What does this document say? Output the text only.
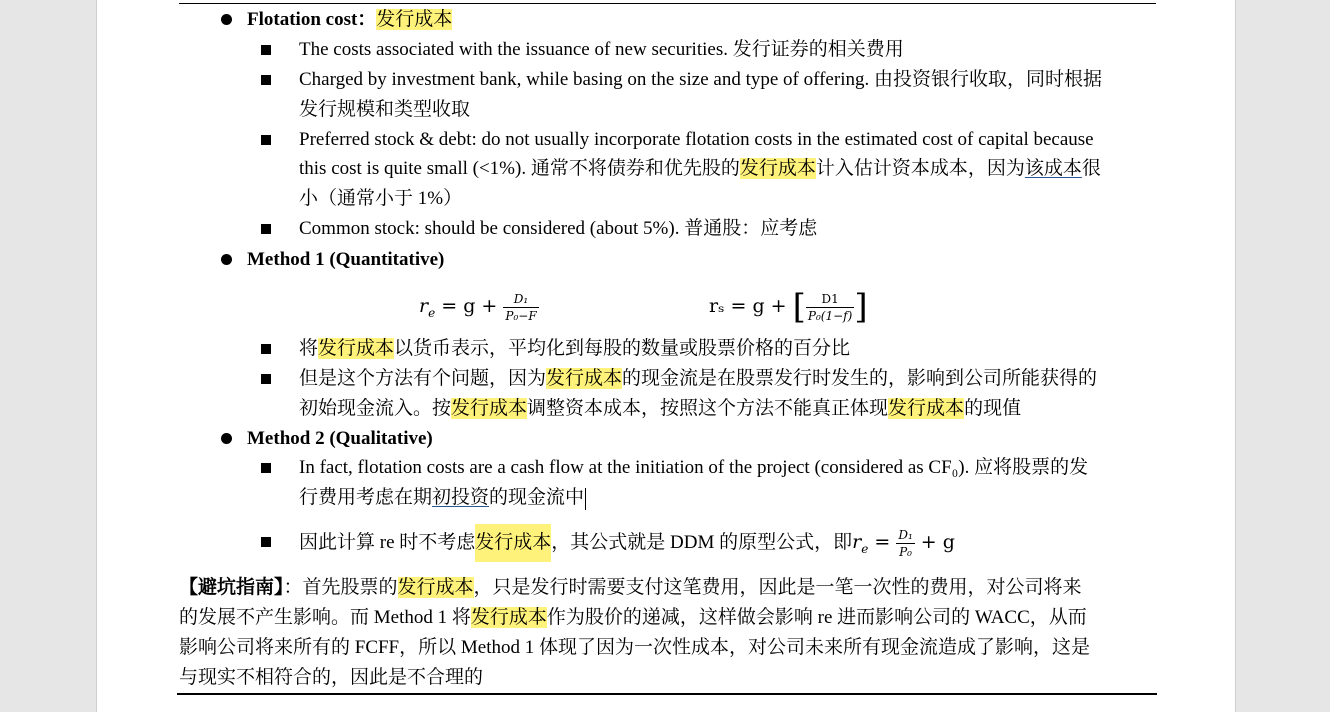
Flotation cost：发行成本
The costs associated with the issuance of new securities. 发行证券的相关费用
Charged by investment bank, while basing on the size and type of offering. 由投资银行收取，同时根据
发行规模和类型收取
Preferred stock & debt: do not usually incorporate flotation costs in the estimated cost of capital because
this cost is quite small (<1%). 通常不将债券和优先股的发行成本计入估计资本成本，因为该成本很
小（通常小于 1%）
Common stock: should be considered (about 5%). 普通股：应考虑
Method 1 (Quantitative)
$r_e = g + \frac{\text{D₁}}{\text{P₀−F}}$	rₛ = g + [ $\frac{D1}{\text{P₀(1−f)}}$ ]
将发行成本以货币表示，平均化到每股的数量或股票价格的百分比
但是这个方法有个问题，因为发行成本的现金流是在股票发行时发生的，影响到公司所能获得的
初始现金流入。按发行成本调整资本成本，按照这个方法不能真正体现发行成本的现值
Method 2 (Qualitative)
In fact, flotation costs are a cash flow at the initiation of the project (considered as CF₀). 应将股票的发
行费用考虑在期初投资的现金流中
因此计算 re 时不考虑发行成本，其公式就是 DDM 的原型公式，即$r_e = \frac{\text{D₁}}{\text{P₀}} + g$
【避坑指南】：首先股票的发行成本，只是发行时需要支付这笔费用，因此是一笔一次性的费用，对公司将来
的发展不产生影响。而 Method 1 将发行成本作为股价的递减，这样做会影响 re 进而影响公司的 WACC，从而
影响公司将来所有的 FCFF，所以 Method 1 体现了因为一次性成本，对公司未来所有现金流造成了影响，这是
与现实不相符合的，因此是不合理的
